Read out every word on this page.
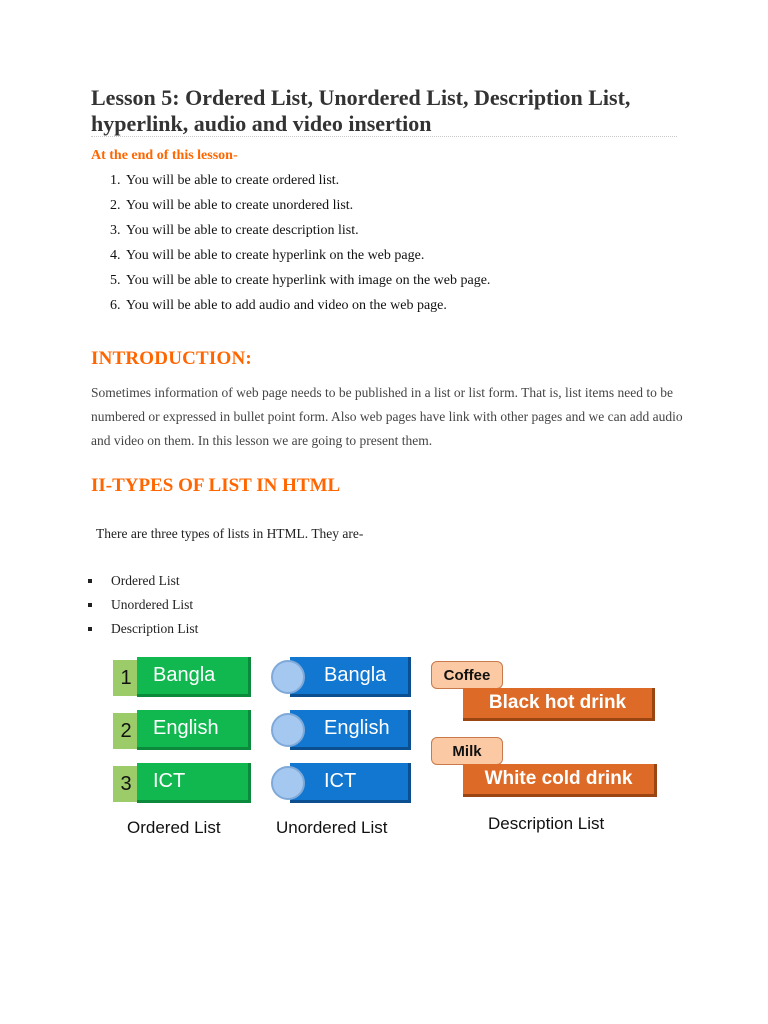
Lesson 5: Ordered List, Unordered List, Description List, hyperlink, audio and video insertion
At the end of this lesson-
1. You will be able to create ordered list.
2. You will be able to create unordered list.
3. You will be able to create description list.
4. You will be able to create hyperlink on the web page.
5. You will be able to create hyperlink with image on the web page.
6. You will be able to add audio and video on the web page.
INTRODUCTION:
Sometimes information of web page needs to be published in a list or list form. That is, list items need to be numbered or expressed in bullet point form. Also web pages have link with other pages and we can add audio and video on them. In this lesson we are going to present them.
II-TYPES OF LIST IN HTML
There are three types of lists in HTML. They are-
Ordered List
Unordered List
Description List
1	Bangla
2	English
3	ICT
Ordered List
Bangla
English
ICT
Unordered List
Coffee
Black hot drink
Milk
White cold drink
Description List
